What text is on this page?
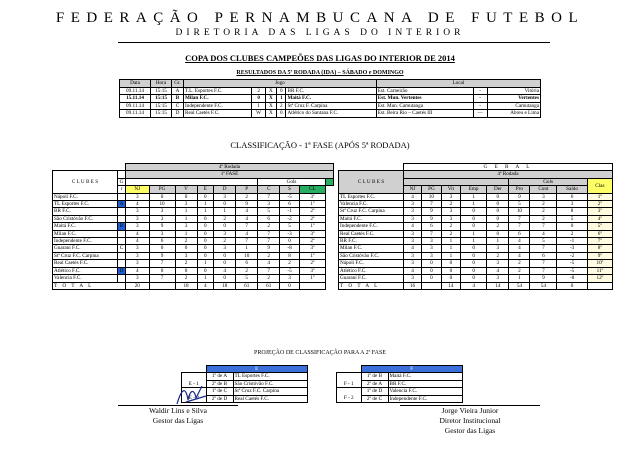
FEDERAÇÃO PERNAMBUCANA DE FUTEBOL
DIRETORIA DAS LIGAS DO INTERIOR
COPA DOS CLUBES CAMPEÕES DAS LIGAS DO INTERIOR DE 2014
RESULTADOS DA 5ª RODADA (IDA) – SÁBADO e DOMINGO
Data	Hora	Gr.	Jogo					Local		
09.11.14	15:15	A	T.L. Esportes F.C.	2	X	0	BR F.C.	Est. Carneirão	-	Vitória
15.11.14	15:15	B	Milan F.C.	0	X	1	Maitá F.C.	Est. Mun. Vertentes	-	Vertentes
09.11.14	15:15	C	Independente F.C.	1	X	2	Stª Cruz F. Carpina	Est. Mun. Camutanga	-	Camutanga
09.11.14	15:15	D	Real Caetés F.C.	W	X	0	Atlético do Santana F.C.	Est. Beira Rio – Caetés III	—	Abreu e Lima
CLASSIFICAÇÃO - 1ª FASE (APÓS 5ª RODADA)
		4ª Rodada									
C L U B E S		1ª FASE									
	G							Gols			
	r	NJ	PG	V	E	D	P	C	S	CL	
Nápoli F.C.		3	0	0	0	3	2	7	-5	3º	
TL Esportes F.C.	A	4	10	3	1	0	9	3	6	1º	
BR F.C.		3	3	1	1	1	4	5	-1	2º	
São Cristóvão F.C.		3	3	1	0	2	4	6	-2	2º	
Maitá F.C.	B	3	9	3	0	0	7	2	5	1º	
Milan F.C.		4	3	1	0	3	4	7	-3	3º	
Independente F.C.		4	6	2	0	2	7	7	0	2º	
Guaraní F.C.	C	3	0	0	0	3	1	9	-8	3º	
Stª Cruz F.C. Carpina		3	9	3	0	0	10	2	8	1º	
Real Caetés F.C.		3	7	2	1	0	6	4	2	2º	
Atlético F.C.	D	4	0	0	0	4	2	7	-5	3º	
Valencia F.C.		3	7	2	1	0	5	2	3	1º	
T O T A L		20		18	4	18	61	61	0		
	G E R A L								
C L U B E S	4ª Rodada								
						Gols			Clas
	NJ	PG	Vit	Emp	Der	Pro	Cont	Saldo	
TL Esportes F.C.	4	10	3	1	0	9	3	6	1º
Valencia F.C.	3	7	2	1	0	5	2	3	2º
Stª Cruz F.C. Carpina	3	9	3	0	0	10	2	8	3º
Maitá F.C.	3	9	3	0	0	7	2	5	4º
Independente F.C.	4	6	2	0	2	7	7	0	5º
Real Caetés F.C.	3	7	2	1	0	6	4	2	6º
BR F.C.	3	3	1	1	1	4	5	-1	7º
Milan F.C.	4	3	1	0	3	4	7	-3	8º
São Cristóvão F.C.	3	3	1	0	2	4	6	-2	9º
Nápoli F.C.	3	0	0	0	3	2	7	-5	10º
Atlético F.C.	4	0	0	0	4	2	7	-5	11º
Guaraní F.C.	3	0	0	0	3	1	9	-8	12º
T O T A L	16		14	4	14	54	54	0	
PROJEÇÃO DE CLASSIFICAÇÃO PARA A 2ª FASE
	E	
	1º de A	TL Esportes F.C.
E - 1	2º de B	São Cristóvão F.C.
	1º de C	Stª Cruz F.C. Carpina
E - 2	2º de D	Real Caetés F.C.
	F	
	1º de B	Maitá F.C.
F - 1	2º de A	BR F.C.
	1º de D	Valencia F.C.
F - 2	2º de C	Independente F.C.
Waldir Lins e Silva
Gestor das Ligas
Jorge Vieira Junior
Diretor Institucional
Gestor das Ligas
